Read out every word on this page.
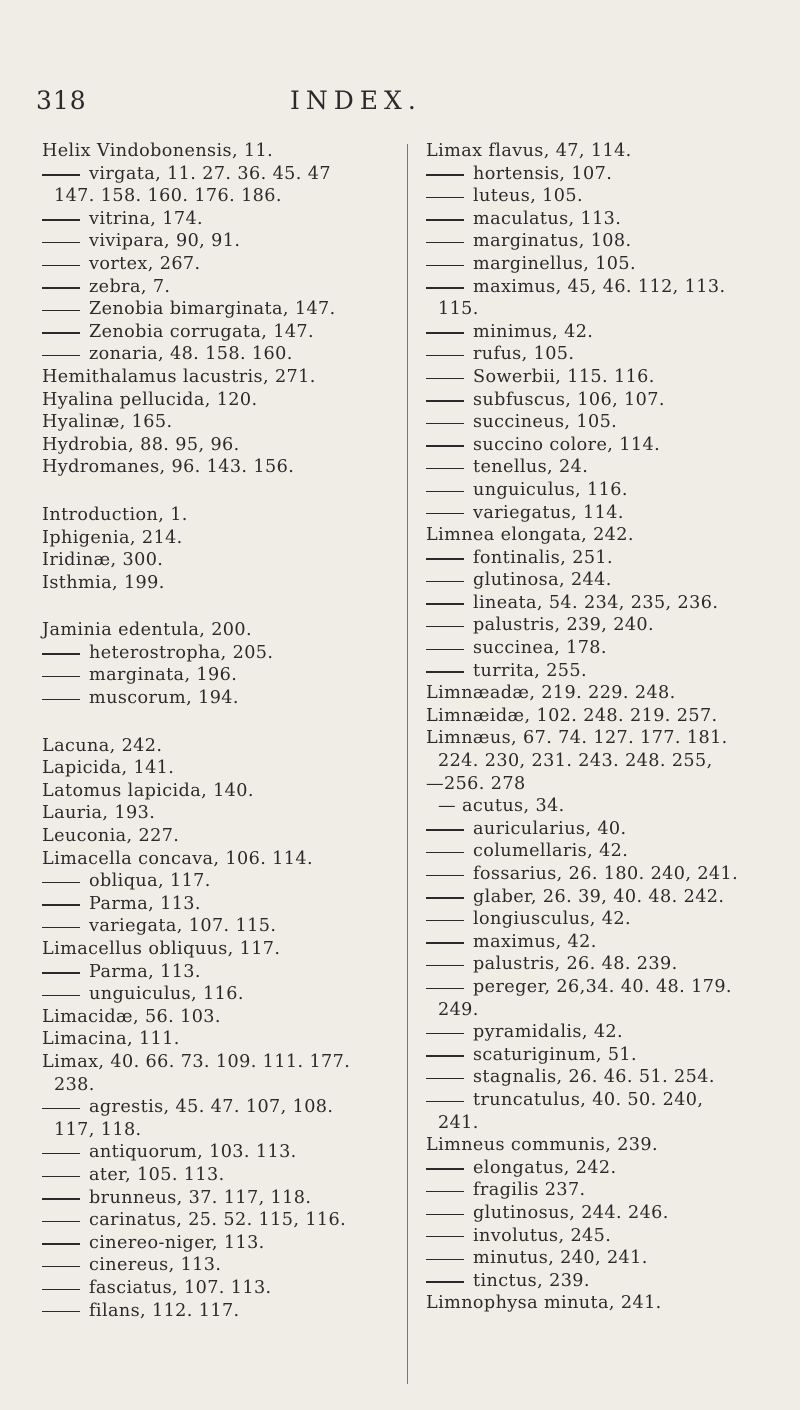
318	INDEX.
Helix Vindobonensis, 11.
virgata, 11. 27. 36. 45. 47
147. 158. 160. 176. 186.
vitrina, 174.
vivipara, 90, 91.
vortex, 267.
zebra, 7.
Zenobia bimarginata, 147.
Zenobia corrugata, 147.
zonaria, 48. 158. 160.
Hemithalamus lacustris, 271.
Hyalina pellucida, 120.
Hyalinæ, 165.
Hydrobia, 88. 95, 96.
Hydromanes, 96. 143. 156.
Introduction, 1.
Iphigenia, 214.
Iridinæ, 300.
Isthmia, 199.
Jaminia edentula, 200.
heterostropha, 205.
marginata, 196.
muscorum, 194.
Lacuna, 242.
Lapicida, 141.
Latomus lapicida, 140.
Lauria, 193.
Leuconia, 227.
Limacella concava, 106. 114.
obliqua, 117.
Parma, 113.
variegata, 107. 115.
Limacellus obliquus, 117.
Parma, 113.
unguiculus, 116.
Limacidæ, 56. 103.
Limacina, 111.
Limax, 40. 66. 73. 109. 111. 177.
238.
agrestis, 45. 47. 107, 108.
117, 118.
antiquorum, 103. 113.
ater, 105. 113.
brunneus, 37. 117, 118.
carinatus, 25. 52. 115, 116.
cinereo-niger, 113.
cinereus, 113.
fasciatus, 107. 113.
filans, 112. 117.
Limax flavus, 47, 114.
hortensis, 107.
luteus, 105.
maculatus, 113.
marginatus, 108.
marginellus, 105.
maximus, 45, 46. 112, 113.
115.
minimus, 42.
rufus, 105.
Sowerbii, 115. 116.
subfuscus, 106, 107.
succineus, 105.
succino colore, 114.
tenellus, 24.
unguiculus, 116.
variegatus, 114.
Limnea elongata, 242.
fontinalis, 251.
glutinosa, 244.
lineata, 54. 234, 235, 236.
palustris, 239, 240.
succinea, 178.
turrita, 255.
Limnæadæ, 219. 229. 248.
Limnæidæ, 102. 248. 219. 257.
Limnæus, 67. 74. 127. 177. 181.
224. 230, 231. 243. 248. 255,
—256. 278
— acutus, 34.
auricularius, 40.
columellaris, 42.
fossarius, 26. 180. 240, 241.
glaber, 26. 39, 40. 48. 242.
longiusculus, 42.
maximus, 42.
palustris, 26. 48. 239.
pereger, 26,34. 40. 48. 179.
249.
pyramidalis, 42.
scaturiginum, 51.
stagnalis, 26. 46. 51. 254.
truncatulus, 40. 50. 240,
241.
Limneus communis, 239.
elongatus, 242.
fragilis 237.
glutinosus, 244. 246.
involutus, 245.
minutus, 240, 241.
tinctus, 239.
Limnophysa minuta, 241.
